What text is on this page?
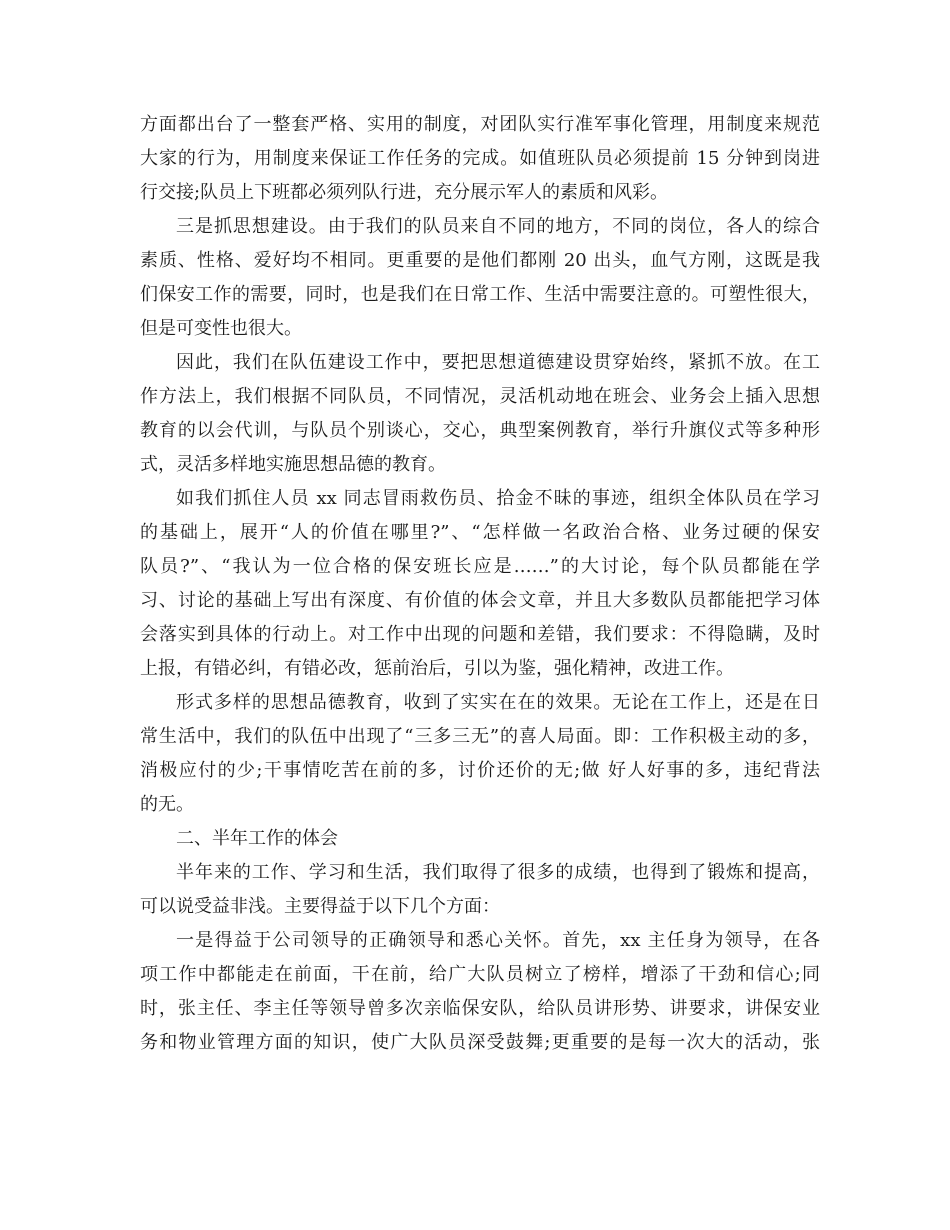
方面都出台了一整套严格、实用的制度，对团队实行准军事化管理，用制度来规范
大家的行为，用制度来保证工作任务的完成。如值班队员必须提前 15 分钟到岗进
行交接;队员上下班都必须列队行进，充分展示军人的素质和风彩。
三是抓思想建设。由于我们的队员来自不同的地方，不同的岗位，各人的综合
素质、性格、爱好均不相同。更重要的是他们都刚 20 出头，血气方刚，这既是我
们保安工作的需要，同时，也是我们在日常工作、生活中需要注意的。可塑性很大，
但是可变性也很大。
因此，我们在队伍建设工作中，要把思想道德建设贯穿始终，紧抓不放。在工
作方法上，我们根据不同队员，不同情况，灵活机动地在班会、业务会上插入思想
教育的以会代训，与队员个别谈心，交心，典型案例教育，举行升旗仪式等多种形
式，灵活多样地实施思想品德的教育。
如我们抓住人员 xx 同志冒雨救伤员、拾金不昧的事迹，组织全体队员在学习
的基础上，展开“人的价值在哪里?”、“怎样做一名政治合格、业务过硬的保安
队员?”、“我认为一位合格的保安班长应是……”的大讨论，每个队员都能在学
习、讨论的基础上写出有深度、有价值的体会文章，并且大多数队员都能把学习体
会落实到具体的行动上。对工作中出现的问题和差错，我们要求：不得隐瞒，及时
上报，有错必纠，有错必改，惩前治后，引以为鉴，强化精神，改进工作。
形式多样的思想品德教育，收到了实实在在的效果。无论在工作上，还是在日
常生活中，我们的队伍中出现了“三多三无”的喜人局面。即：工作积极主动的多，
消极应付的少;干事情吃苦在前的多，讨价还价的无;做 好人好事的多，违纪背法
的无。
二、半年工作的体会
半年来的工作、学习和生活，我们取得了很多的成绩，也得到了锻炼和提高，
可以说受益非浅。主要得益于以下几个方面：
一是得益于公司领导的正确领导和悉心关怀。首先，xx 主任身为领导，在各
项工作中都能走在前面，干在前，给广大队员树立了榜样，增添了干劲和信心;同
时，张主任、李主任等领导曾多次亲临保安队，给队员讲形势、讲要求，讲保安业
务和物业管理方面的知识，使广大队员深受鼓舞;更重要的是每一次大的活动，张
